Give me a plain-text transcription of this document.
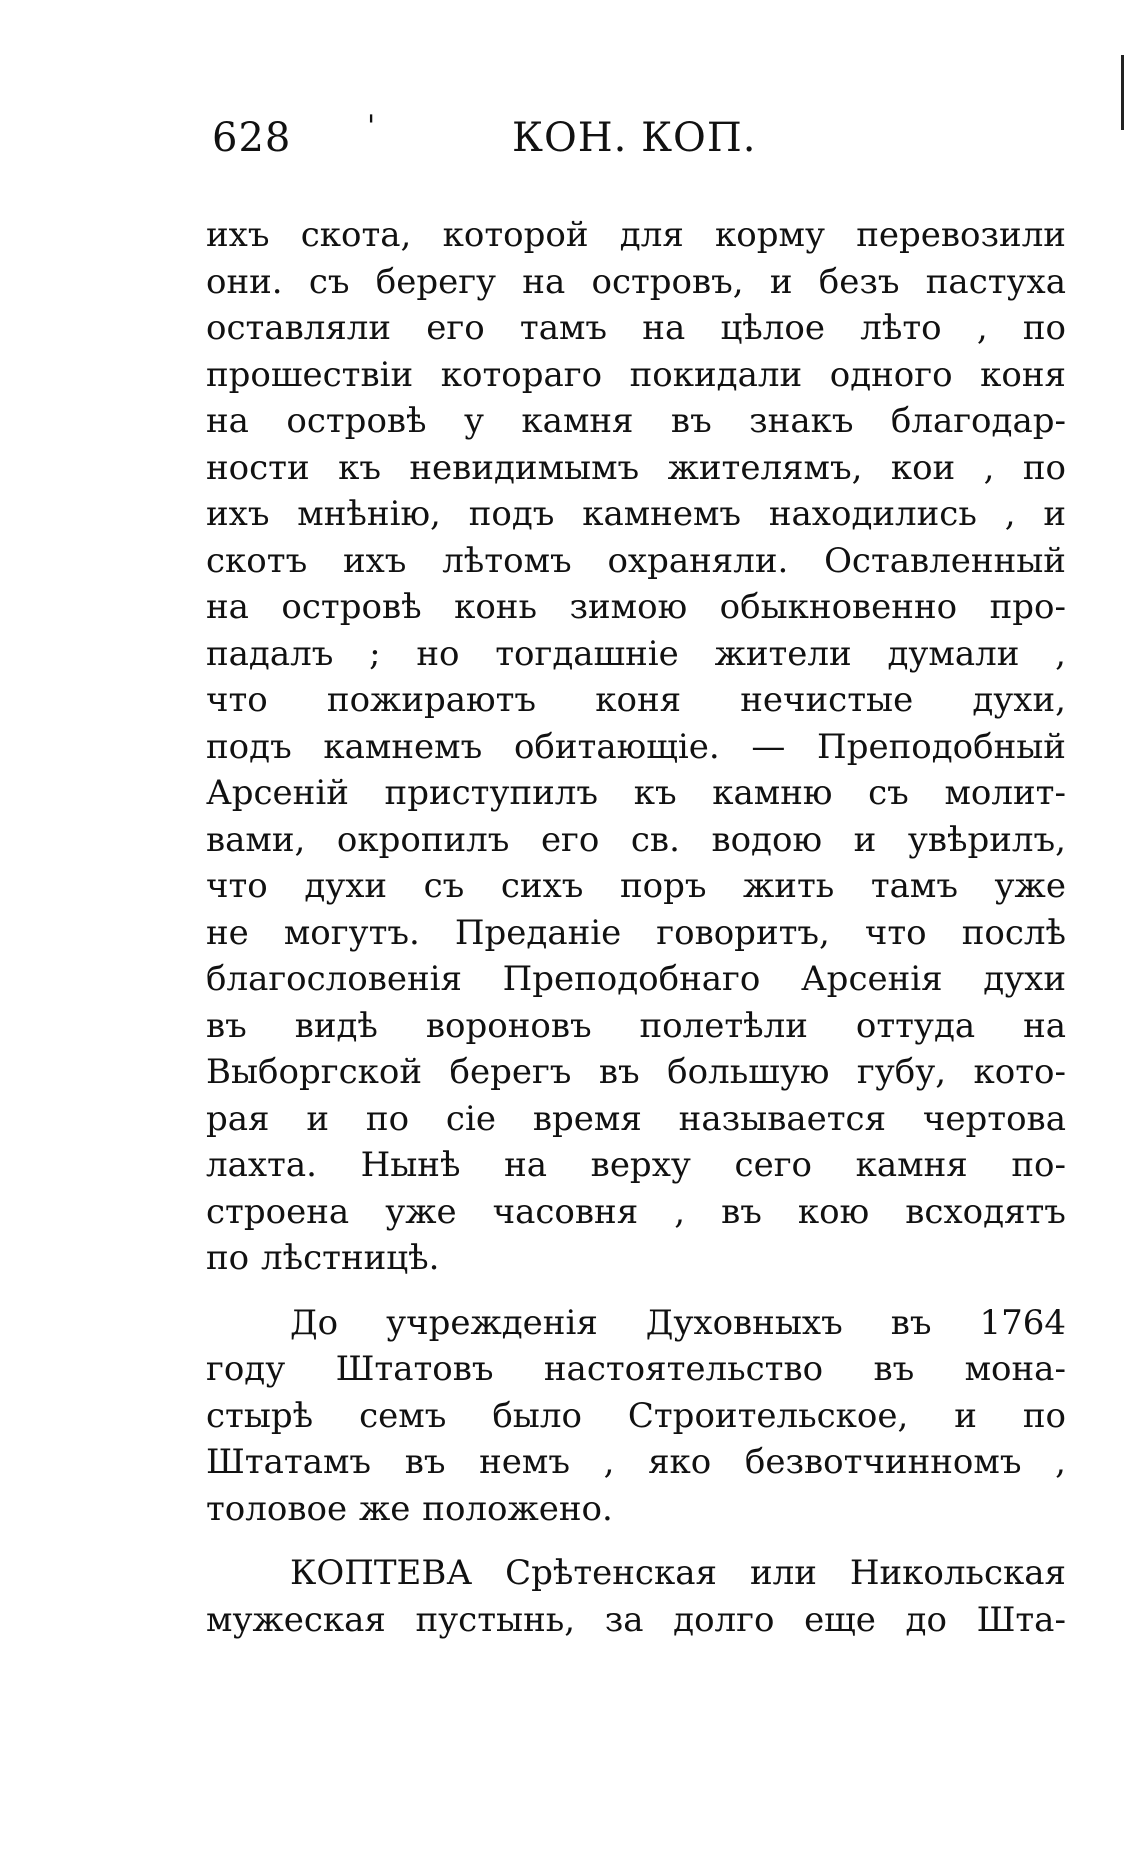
628	'	КОН. КОП.
ихъ скота, которой для корму перевозили
они. съ берегу на островъ, и безъ пастуха
оставляли его тамъ на цѣлое лѣто , по
прошествіи котораго покидали одного коня
на островѣ у камня въ знакъ благодар-
ности къ невидимымъ жителямъ, кои , по
ихъ мнѣнію, подъ камнемъ находились , и
скотъ ихъ лѣтомъ охраняли. Оставленный
на островѣ конь зимою обыкновенно про-
падалъ ; но тогдашніе жители думали ,
что пожираютъ коня нечистые духи,
подъ камнемъ обитающіе. — Преподобный
Арсеній приступилъ къ камню съ молит-
вами, окропилъ его св. водою и увѣрилъ,
что духи съ сихъ поръ жить тамъ уже
не могутъ. Преданіе говоритъ, что послѣ
благословенія Преподобнаго Арсенія духи
въ видѣ вороновъ полетѣли оттуда на
Выборгской берегъ въ большую губу, кото-
рая и по сіе время называется чертова
лахта. Нынѣ на верху сего камня по-
строена уже часовня , въ кою всходятъ
по лѣстницѣ.
До учрежденія Духовныхъ въ 1764
году Штатовъ настоятельство въ мона-
стырѣ семъ было Строительское, и по
Штатамъ въ немъ , яко безвотчинномъ ,
толовое же положено.
КОПТЕВА Срѣтенская или Никольская
мужеская пустынь, за долго еще до Шта-
